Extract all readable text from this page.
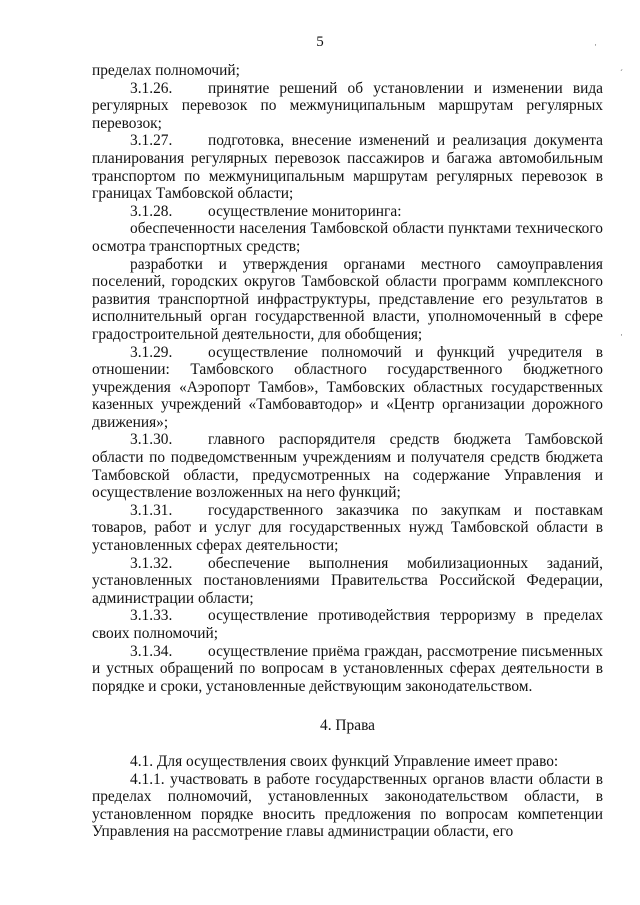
5	·
´
·

пределах полномочий;

3.1.26. принятие решений об установлении и изменении вида регулярных перевозок по межмуниципальным маршрутам регулярных перевозок;

3.1.27. подготовка, внесение изменений и реализация документа планирования регулярных перевозок пассажиров и багажа автомобильным транспортом по межмуниципальным маршрутам регулярных перевозок в границах Тамбовской области;

3.1.28. осуществление мониторинга:

обеспеченности населения Тамбовской области пунктами технического осмотра транспортных средств;

разработки и утверждения органами местного самоуправления поселений, городских округов Тамбовской области программ комплексного развития транспортной инфраструктуры, представление его результатов в исполнительный орган государственной власти, уполномоченный в сфере градостроительной деятельности, для обобщения;

3.1.29. осуществление полномочий и функций учредителя в отношении: Тамбовского областного государственного бюджетного учреждения «Аэропорт Тамбов», Тамбовских областных государственных казенных учреждений «Тамбовавтодор» и «Центр организации дорожного движения»;

3.1.30. главного распорядителя средств бюджета Тамбовской области по подведомственным учреждениям и получателя средств бюджета Тамбовской области, предусмотренных на содержание Управления и осуществление возложенных на него функций;

3.1.31. государственного заказчика по закупкам и поставкам товаров, работ и услуг для государственных нужд Тамбовской области в установленных сферах деятельности;

3.1.32. обеспечение выполнения мобилизационных заданий, установленных постановлениями Правительства Российской Федерации, администрации области;

3.1.33. осуществление противодействия терроризму в пределах своих полномочий;

3.1.34. осуществление приёма граждан, рассмотрение письменных и устных обращений по вопросам в установленных сферах деятельности в порядке и сроки, установленные действующим законодательством.

4. Права

4.1. Для осуществления своих функций Управление имеет право:

4.1.1. участвовать в работе государственных органов власти области в пределах полномочий, установленных законодательством области, в установленном порядке вносить предложения по вопросам компетенции Управления на рассмотрение главы администрации области, его
